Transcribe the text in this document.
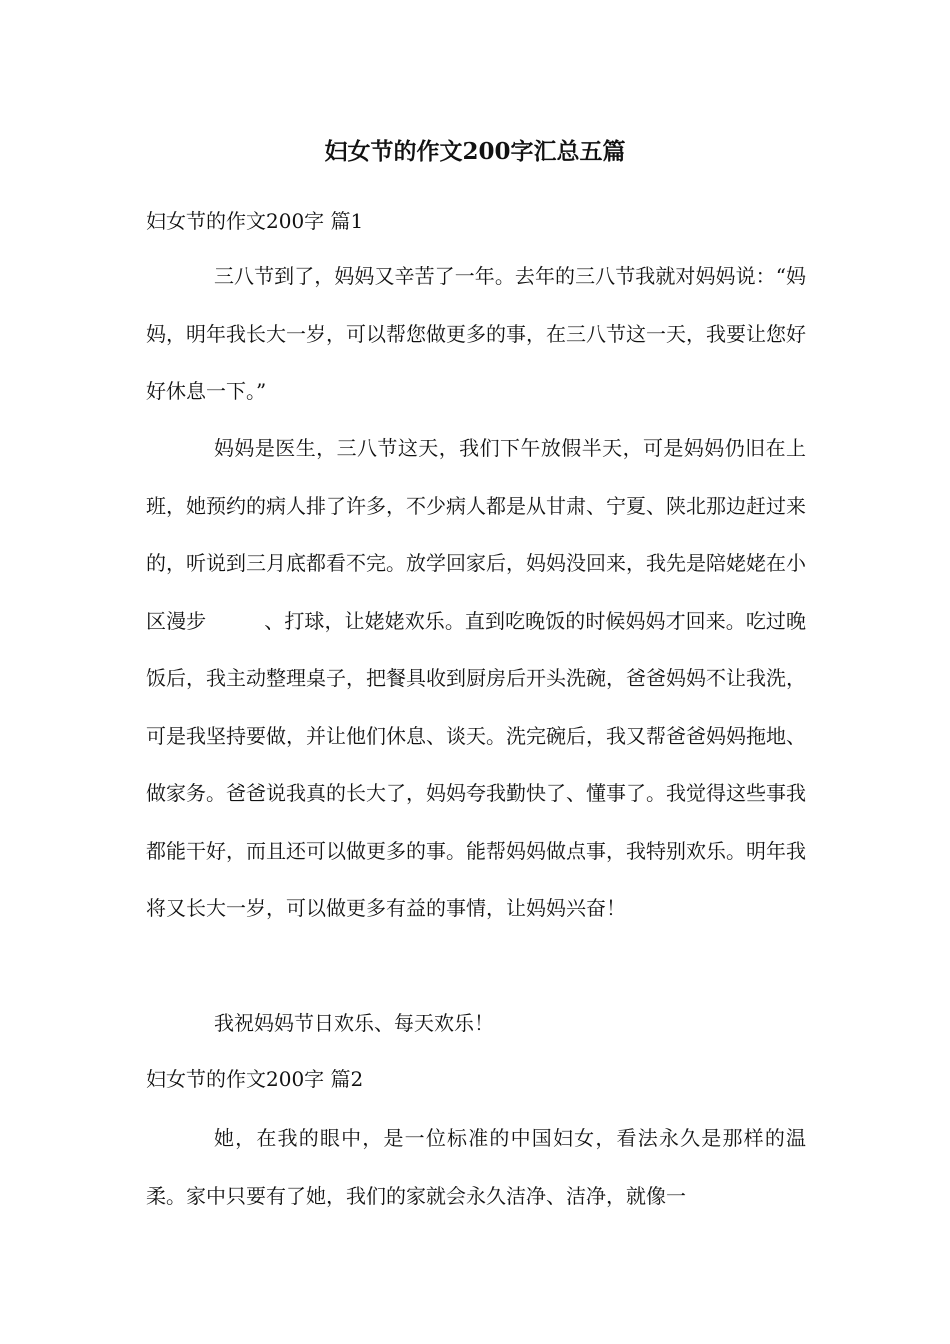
妇女节的作文200字汇总五篇
妇女节的作文200字 篇1
三八节到了，妈妈又辛苦了一年。去年的三八节我就对妈妈说：“妈妈，明年我长大一岁，可以帮您做更多的事，在三八节这一天，我要让您好好休息一下。”
妈妈是医生，三八节这天，我们下午放假半天，可是妈妈仍旧在上班，她预约的病人排了许多，不少病人都是从甘肃、宁夏、陕北那边赶过来的，听说到三月底都看不完。放学回家后，妈妈没回来，我先是陪姥姥在小区漫步	、打球，让姥姥欢乐。直到吃晚饭的时候妈妈才回来。吃过晚饭后，我主动整理桌子，把餐具收到厨房后开头洗碗，爸爸妈妈不让我洗，可是我坚持要做，并让他们休息、谈天。洗完碗后，我又帮爸爸妈妈拖地、做家务。爸爸说我真的长大了，妈妈夸我勤快了、懂事了。我觉得这些事我都能干好，而且还可以做更多的事。能帮妈妈做点事，我特别欢乐。明年我将又长大一岁，可以做更多有益的事情，让妈妈兴奋！
我祝妈妈节日欢乐、每天欢乐！
妇女节的作文200字 篇2
她，在我的眼中，是一位标准的中国妇女，看法永久是那样的温柔。家中只要有了她，我们的家就会永久洁净、洁净，就像一
